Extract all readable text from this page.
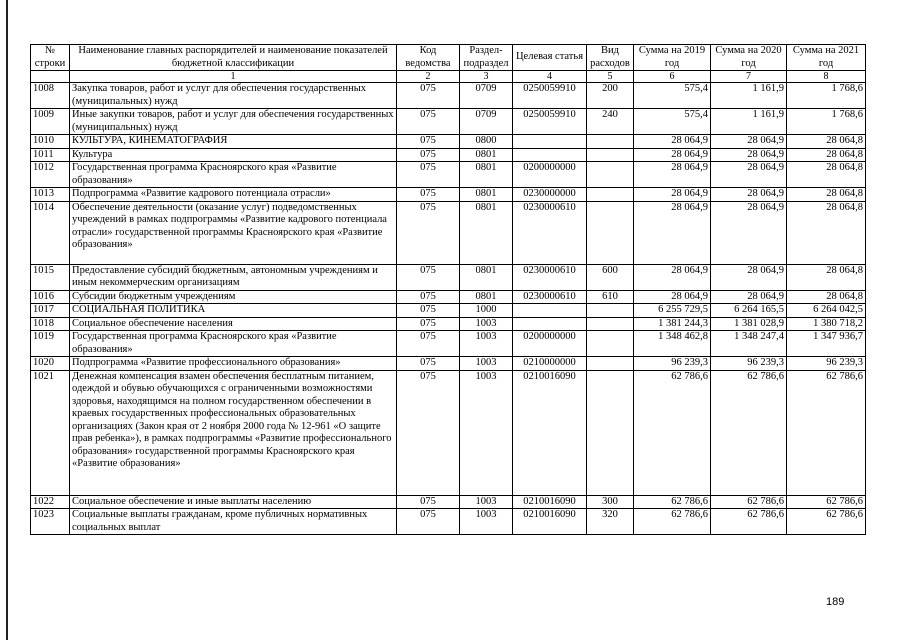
№ строки	Наименование главных распорядителей и наименование показателей бюджетной классификации	Код ведомства	Раздел-подраздел	Целевая статья	Вид расходов	Сумма на 2019 год	Сумма на 2020 год	Сумма на 2021 год
	1	2	3	4	5	6	7	8
1008	Закупка товаров, работ и услуг для обеспечения государственных (муниципальных) нужд	075	0709	0250059910	200	575,4	1 161,9	1 768,6
1009	Иные закупки товаров, работ и услуг для обеспечения государственных (муниципальных) нужд	075	0709	0250059910	240	575,4	1 161,9	1 768,6
1010	КУЛЬТУРА, КИНЕМАТОГРАФИЯ	075	0800			28 064,9	28 064,9	28 064,8
1011	Культура	075	0801			28 064,9	28 064,9	28 064,8
1012	Государственная программа Красноярского края «Развитие образования»	075	0801	0200000000		28 064,9	28 064,9	28 064,8
1013	Подпрограмма «Развитие кадрового потенциала отрасли»	075	0801	0230000000		28 064,9	28 064,9	28 064,8
1014	Обеспечение деятельности (оказание услуг) подведомственных учреждений в рамках подпрограммы «Развитие кадрового потенциала отрасли» государственной программы Красноярского края «Развитие образования»	075	0801	0230000610		28 064,9	28 064,9	28 064,8
1015	Предоставление субсидий бюджетным, автономным учреждениям и иным некоммерческим организациям	075	0801	0230000610	600	28 064,9	28 064,9	28 064,8
1016	Субсидии бюджетным учреждениям	075	0801	0230000610	610	28 064,9	28 064,9	28 064,8
1017	СОЦИАЛЬНАЯ ПОЛИТИКА	075	1000			6 255 729,5	6 264 165,5	6 264 042,5
1018	Социальное обеспечение населения	075	1003			1 381 244,3	1 381 028,9	1 380 718,2
1019	Государственная программа Красноярского края «Развитие образования»	075	1003	0200000000		1 348 462,8	1 348 247,4	1 347 936,7
1020	Подпрограмма «Развитие профессионального образования»	075	1003	0210000000		96 239,3	96 239,3	96 239,3
1021	Денежная компенсация взамен обеспечения бесплатным питанием, одеждой и обувью обучающихся с ограниченными возможностями здоровья, находящимся на полном государственном обеспечении в краевых государственных профессиональных образовательных организациях (Закон края от 2 ноября 2000 года № 12-961 «О защите прав ребенка»), в рамках подпрограммы «Развитие профессионального образования» государственной программы Красноярского края «Развитие образования»	075	1003	0210016090		62 786,6	62 786,6	62 786,6
1022	Социальное обеспечение и иные выплаты населению	075	1003	0210016090	300	62 786,6	62 786,6	62 786,6
1023	Социальные выплаты гражданам, кроме публичных нормативных социальных выплат	075	1003	0210016090	320	62 786,6	62 786,6	62 786,6
189
